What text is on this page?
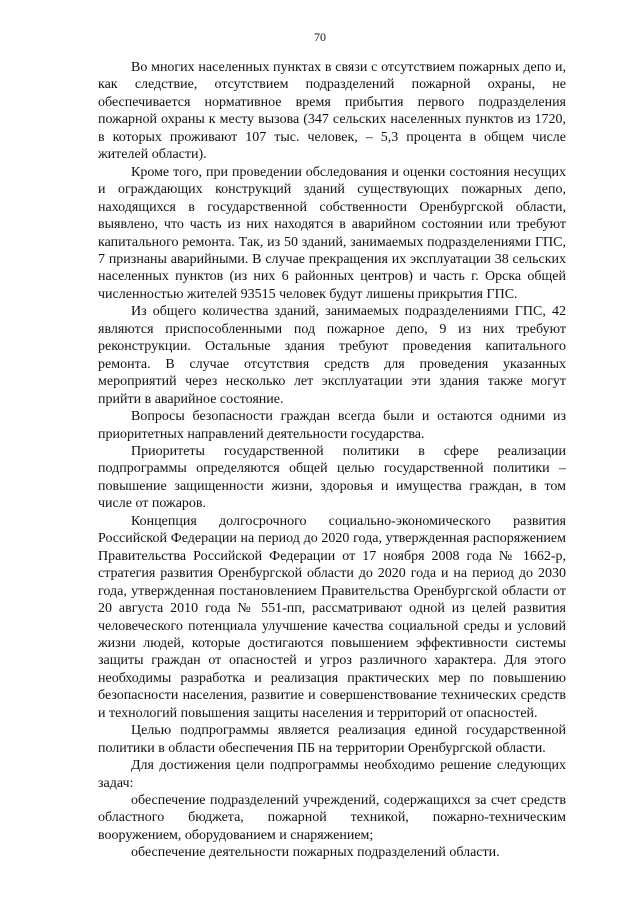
70

Во многих населенных пунктах в связи с отсутствием пожарных депо и, как следствие, отсутствием подразделений пожарной охраны, не обеспечивается нормативное время прибытия первого подразделения пожарной охраны к месту вызова (347 сельских населенных пунктов из 1720, в которых проживают 107 тыс. человек, – 5,3 процента в общем числе жителей области).

Кроме того, при проведении обследования и оценки состояния несущих и ограждающих конструкций зданий существующих пожарных депо, находящихся в государственной собственности Оренбургской области, выявлено, что часть из них находятся в аварийном состоянии или требуют капитального ремонта. Так, из 50 зданий, занимаемых подразделениями ГПС, 7 признаны аварийными. В случае прекращения их эксплуатации 38 сельских населенных пунктов (из них 6 районных центров) и часть г. Орска общей численностью жителей 93515 человек будут лишены прикрытия ГПС.

Из общего количества зданий, занимаемых подразделениями ГПС, 42 являются приспособленными под пожарное депо, 9 из них требуют реконструкции. Остальные здания требуют проведения капитального ремонта. В случае отсутствия средств для проведения указанных мероприятий через несколько лет эксплуатации эти здания также могут прийти в аварийное состояние.

Вопросы безопасности граждан всегда были и остаются одними из приоритетных направлений деятельности государства.

Приоритеты государственной политики в сфере реализации подпрограммы определяются общей целью государственной политики – повышение защищенности жизни, здоровья и имущества граждан, в том числе от пожаров.

Концепция долгосрочного социально-экономического развития Российской Федерации на период до 2020 года, утвержденная распоряжением Правительства Российской Федерации от 17 ноября 2008 года № 1662-р, стратегия развития Оренбургской области до 2020 года и на период до 2030 года, утвержденная постановлением Правительства Оренбургской области от 20 августа 2010 года № 551-пп, рассматривают одной из целей развития человеческого потенциала улучшение качества социальной среды и условий жизни людей, которые достигаются повышением эффективности системы защиты граждан от опасностей и угроз различного характера. Для этого необходимы разработка и реализация практических мер по повышению безопасности населения, развитие и совершенствование технических средств и технологий повышения защиты населения и территорий от опасностей.

Целью подпрограммы является реализация единой государственной политики в области обеспечения ПБ на территории Оренбургской области.

Для достижения цели подпрограммы необходимо решение следующих задач:

обеспечение подразделений учреждений, содержащихся за счет средств областного бюджета, пожарной техникой, пожарно-техническим вооружением, оборудованием и снаряжением;

обеспечение деятельности пожарных подразделений области.
